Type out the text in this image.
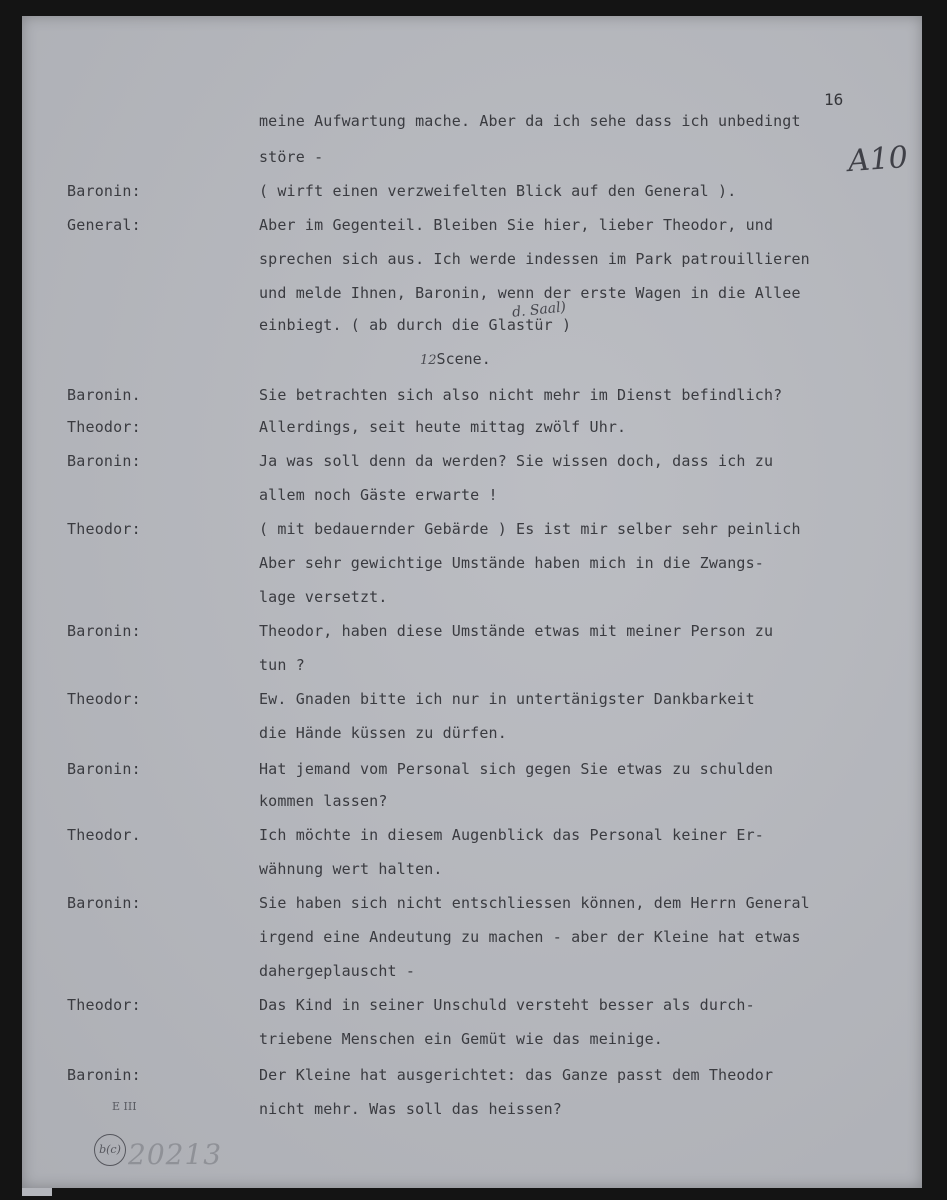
16
A10
Baronin:
General:
Baronin.
Theodor:
Baronin:
Theodor:
Baronin:
Theodor:
Baronin:
Theodor.
Baronin:
Theodor:
Baronin:
meine Aufwartung mache. Aber da ich sehe dass ich unbedingt
störe -
( wirft einen verzweifelten Blick auf den General ).
Aber im Gegenteil. Bleiben Sie hier, lieber Theodor, und
sprechen sich aus. Ich werde indessen im Park patrouillieren
und melde Ihnen, Baronin, wenn der erste Wagen in die Allee
einbiegt. ( ab durch die Glastür )
d. Saal)
12Scene.
Sie betrachten sich also nicht mehr im Dienst befindlich?
Allerdings, seit heute mittag zwölf Uhr.
Ja was soll denn da werden? Sie wissen doch, dass ich zu
allem noch Gäste erwarte !
( mit bedauernder Gebärde ) Es ist mir selber sehr peinlich
Aber sehr gewichtige Umstände haben mich in die Zwangs-
lage versetzt.
Theodor, haben diese Umstände etwas mit meiner Person zu
tun ?
Ew. Gnaden bitte ich nur in untertänigster Dankbarkeit
die Hände küssen zu dürfen.
Hat jemand vom Personal sich gegen Sie etwas zu schulden
kommen lassen?
Ich möchte in diesem Augenblick das Personal keiner Er-
wähnung wert halten.
Sie haben sich nicht entschliessen können, dem Herrn General
irgend eine Andeutung zu machen - aber der Kleine hat etwas
dahergeplauscht -
Das Kind in seiner Unschuld versteht besser als durch-
triebene Menschen ein Gemüt wie das meinige.
Der Kleine hat ausgerichtet: das Ganze passt dem Theodor
nicht mehr. Was soll das heissen?
E III
b(c) 20213
